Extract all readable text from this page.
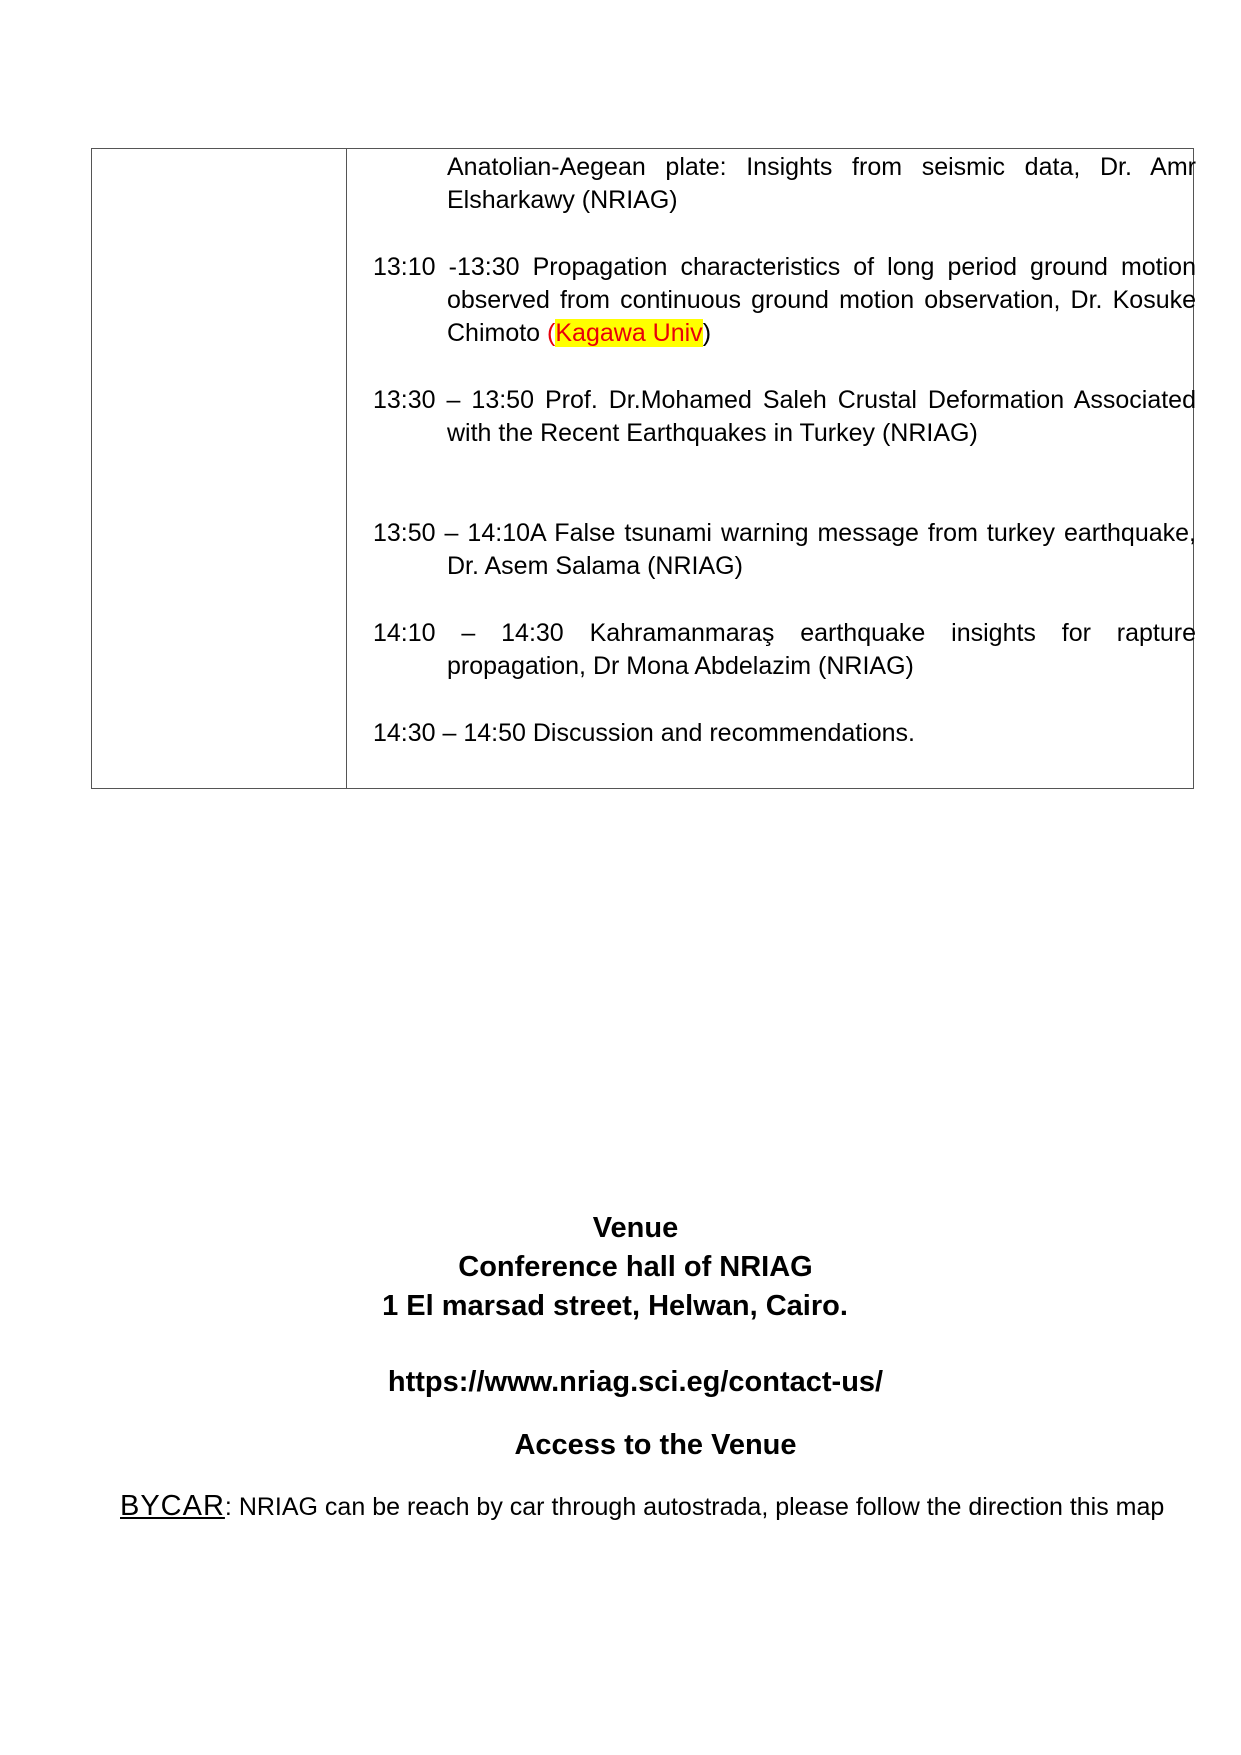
Anatolian-Aegean plate: Insights from seismic data, Dr. Amr Elsharkawy (NRIAG)
13:10 -13:30 Propagation characteristics of long period ground motion observed from continuous ground motion observation, Dr. Kosuke Chimoto (Kagawa Univ)
13:30 – 13:50 Prof. Dr.Mohamed Saleh Crustal Deformation Associated with the Recent Earthquakes in Turkey (NRIAG)
13:50 – 14:10A False tsunami warning message from turkey earthquake, Dr. Asem Salama (NRIAG)
14:10 – 14:30 Kahramanmaraş earthquake insights for rapture propagation, Dr Mona Abdelazim (NRIAG)
14:30 – 14:50 Discussion and recommendations.
Venue
Conference hall of NRIAG
1 El marsad street, Helwan, Cairo.
https://www.nriag.sci.eg/contact-us/
Access to the Venue
BYCAR: NRIAG can be reach by car through autostrada, please follow the direction this map
